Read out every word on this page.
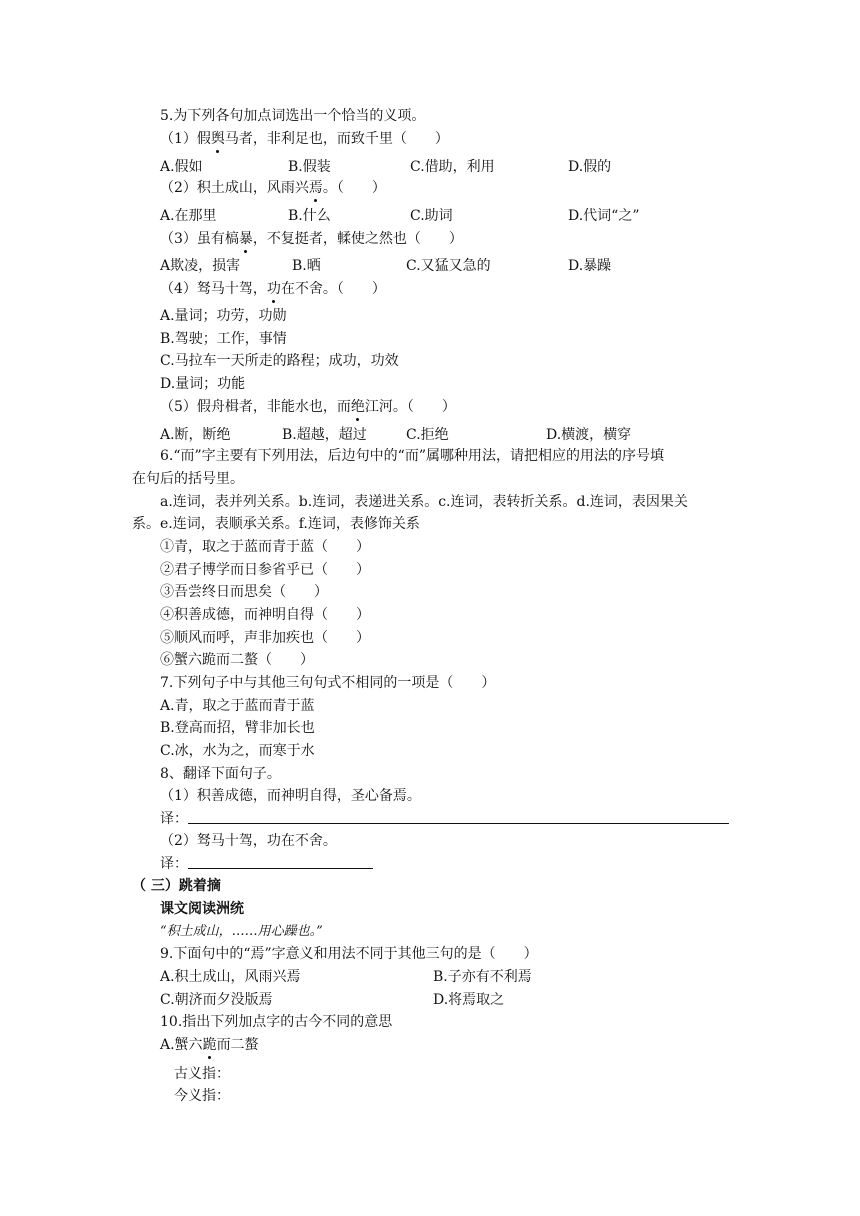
5.为下列各句加点词选出一个恰当的义项。
（1）假舆马者，非利足也，而致千里（　　）
A.假如	B.假装	C.借助，利用	D.假的
（2）积土成山，风雨兴焉。（　　）
A.在那里	B.什么	C.助词	D.代词“之”
（3）虽有槁暴，不复挺者，輮使之然也（　　）
A欺凌，损害	B.晒	C.又猛又急的	D.暴躁
（4）驽马十驾，功在不舍。（　　）
A.量词；功劳，功勋
B.驾驶；工作，事情
C.马拉车一天所走的路程；成功，功效
D.量词；功能
（5）假舟楫者，非能水也，而绝江河。（　　）
A.断，断绝	B.超越，超过	C.拒绝	D.横渡，横穿
6.“而”字主要有下列用法，后边句中的“而”属哪种用法，请把相应的用法的序号填
在句后的括号里。
a.连词，表并列关系。b.连词，表递进关系。c.连词，表转折关系。d.连词，表因果关
系。e.连词，表顺承关系。f.连词，表修饰关系
①青，取之于蓝而青于蓝（　　）
②君子博学而日参省乎已（　　）
③吾尝终日而思矣（　　）
④积善成德，而神明自得（　　）
⑤顺风而呼，声非加疾也（　　）
⑥蟹六跪而二螯（　　）
7.下列句子中与其他三句句式不相同的一项是（　　）
A.青，取之于蓝而青于蓝
B.登高而招，臂非加长也
C.冰，水为之，而寒于水
8、翻译下面句子。
（1）积善成德，而神明自得，圣心备焉。
译：
（2）驽马十驾，功在不舍。
译：
（ 三）跳着摘
课文阅读洲统
“积土成山，……用心躁也。”
9.下面句中的“焉”字意义和用法不同于其他三句的是（　　）
A.积土成山，风雨兴焉	B.子亦有不利焉
C.朝济而夕没版焉	D.将焉取之
10.指出下列加点字的古今不同的意思
A.蟹六跪而二螯
古义指：
今义指：
